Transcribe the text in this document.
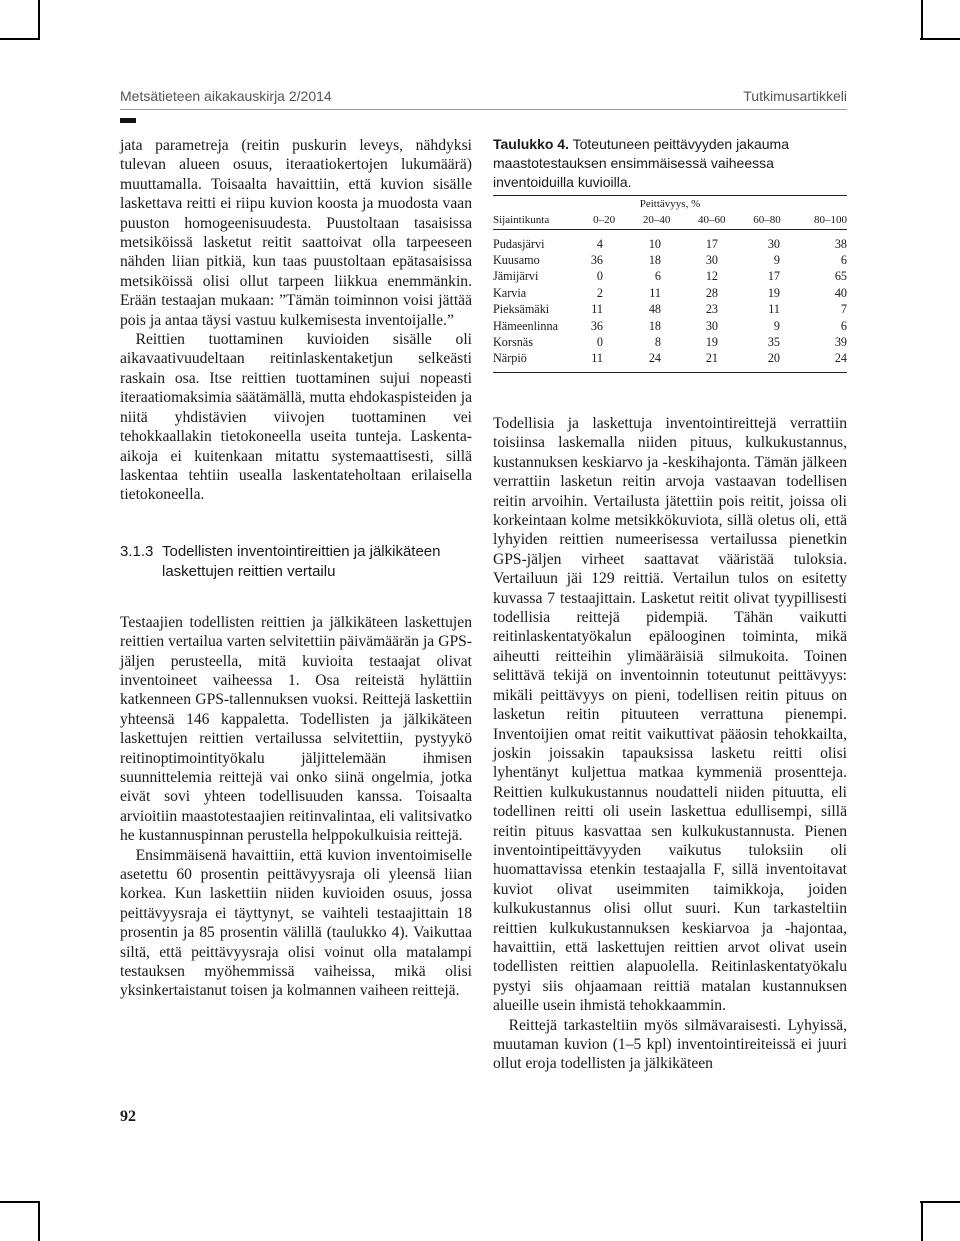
Metsätieteen aikakauskirja 2/2014	Tutkimusartikkeli

jata parametreja (reitin puskurin leveys, nähdyksi tulevan alueen osuus, iteraatiokertojen lukumäärä) muuttamalla. Toisaalta havaittiin, että kuvion sisälle laskettava reitti ei riipu kuvion koosta ja muodosta vaan puuston homogeenisuudesta. Puustoltaan tasaisissa metsiköissä lasketut reitit saattoivat olla tarpeeseen nähden liian pitkiä, kun taas puustoltaan epätasaisissa metsiköissä olisi ollut tarpeen liikkua enemmänkin. Erään testaajan mukaan: ”Tämän toiminnon voisi jättää pois ja antaa täysi vastuu kulkemisesta inventoijalle.”

Reittien tuottaminen kuvioiden sisälle oli aikavaativuudeltaan reitinlaskentaketjun selkeästi raskain osa. Itse reittien tuottaminen sujui nopeasti iteraatiomaksimia säätämällä, mutta ehdokaspisteiden ja niitä yhdistävien viivojen tuottaminen vei tehokkaallakin tietokoneella useita tunteja. Laskenta-aikoja ei kuitenkaan mitattu systemaattisesti, sillä laskentaa tehtiin usealla laskentateholtaan erilaisella tietokoneella.

3.1.3 Todellisten inventointireittien ja jälkikäteen laskettujen reittien vertailu

Testaajien todellisten reittien ja jälkikäteen laskettujen reittien vertailua varten selvitettiin päivämäärän ja GPS-jäljen perusteella, mitä kuvioita testaajat olivat inventoineet vaiheessa 1. Osa reiteistä hylättiin katkenneen GPS-tallennuksen vuoksi. Reittejä laskettiin yhteensä 146 kappaletta. Todellisten ja jälkikäteen laskettujen reittien vertailussa selvitettiin, pystyykö reitinoptimointityökalu jäljittelemään ihmisen suunnittelemia reittejä vai onko siinä ongelmia, jotka eivät sovi yhteen todellisuuden kanssa. Toisaalta arvioitiin maastotestaajien reitinvalintaa, eli valitsivatko he kustannuspinnan perustella helppokulkuisia reittejä.

Ensimmäisenä havaittiin, että kuvion inventoimiselle asetettu 60 prosentin peittävyysraja oli yleensä liian korkea. Kun laskettiin niiden kuvioiden osuus, jossa peittävyysraja ei täyttynyt, se vaihteli testaajittain 18 prosentin ja 85 prosentin välillä (taulukko 4). Vaikuttaa siltä, että peittävyysraja olisi voinut olla matalampi testauksen myöhemmissä vaiheissa, mikä olisi yksinkertaistanut toisen ja kolmannen vaiheen reittejä.

Taulukko 4. Toteutuneen peittävyyden jakauma maastotestauksen ensimmäisessä vaiheessa inventoiduilla kuvioilla.
Peittävyys, %
Sijaintikunta	0–20	20–40	40–60	60–80	80–100
Pudasjärvi	4	10	17	30	38
Kuusamo	36	18	30	9	6
Jämijärvi	0	6	12	17	65
Karvia	2	11	28	19	40
Pieksämäki	11	48	23	11	7
Hämeenlinna	36	18	30	9	6
Korsnäs	0	8	19	35	39
Närpiö	11	24	21	20	24

Todellisia ja laskettuja inventointireittejä verrattiin toisiinsa laskemalla niiden pituus, kulkukustannus, kustannuksen keskiarvo ja -keskihajonta. Tämän jälkeen verrattiin lasketun reitin arvoja vastaavan todellisen reitin arvoihin. Vertailusta jätettiin pois reitit, joissa oli korkeintaan kolme metsikkökuviota, sillä oletus oli, että lyhyiden reittien numeerisessa vertailussa pienetkin GPS-jäljen virheet saattavat vääristää tuloksia. Vertailuun jäi 129 reittiä. Vertailun tulos on esitetty kuvassa 7 testaajittain. Lasketut reitit olivat tyypillisesti todellisia reittejä pidempiä. Tähän vaikutti reitinlaskentatyökalun epälooginen toiminta, mikä aiheutti reitteihin ylimääräisiä silmukoita. Toinen selittävä tekijä on inventoinnin toteutunut peittävyys: mikäli peittävyys on pieni, todellisen reitin pituus on lasketun reitin pituuteen verrattuna pienempi. Inventoijien omat reitit vaikuttivat pääosin tehokkailta, joskin joissakin tapauksissa lasketu reitti olisi lyhentänyt kuljettua matkaa kymmeniä prosentteja. Reittien kulkukustannus noudatteli niiden pituutta, eli todellinen reitti oli usein laskettua edullisempi, sillä reitin pituus kasvattaa sen kulkukustannusta. Pienen inventointipeittävyyden vaikutus tuloksiin oli huomattavissa etenkin testaajalla F, sillä inventoitavat kuviot olivat useimmiten taimikkoja, joiden kulkukustannus olisi ollut suuri. Kun tarkasteltiin reittien kulkukustannuksen keskiarvoa ja -hajontaa, havaittiin, että laskettujen reittien arvot olivat usein todellisten reittien alapuolella. Reitinlaskentatyökalu pystyi siis ohjaamaan reittiä matalan kustannuksen alueille usein ihmistä tehokkaammin.

Reittejä tarkasteltiin myös silmävaraisesti. Lyhyissä, muutaman kuvion (1–5 kpl) inventointireiteissä ei juuri ollut eroja todellisten ja jälkikäteen

92
